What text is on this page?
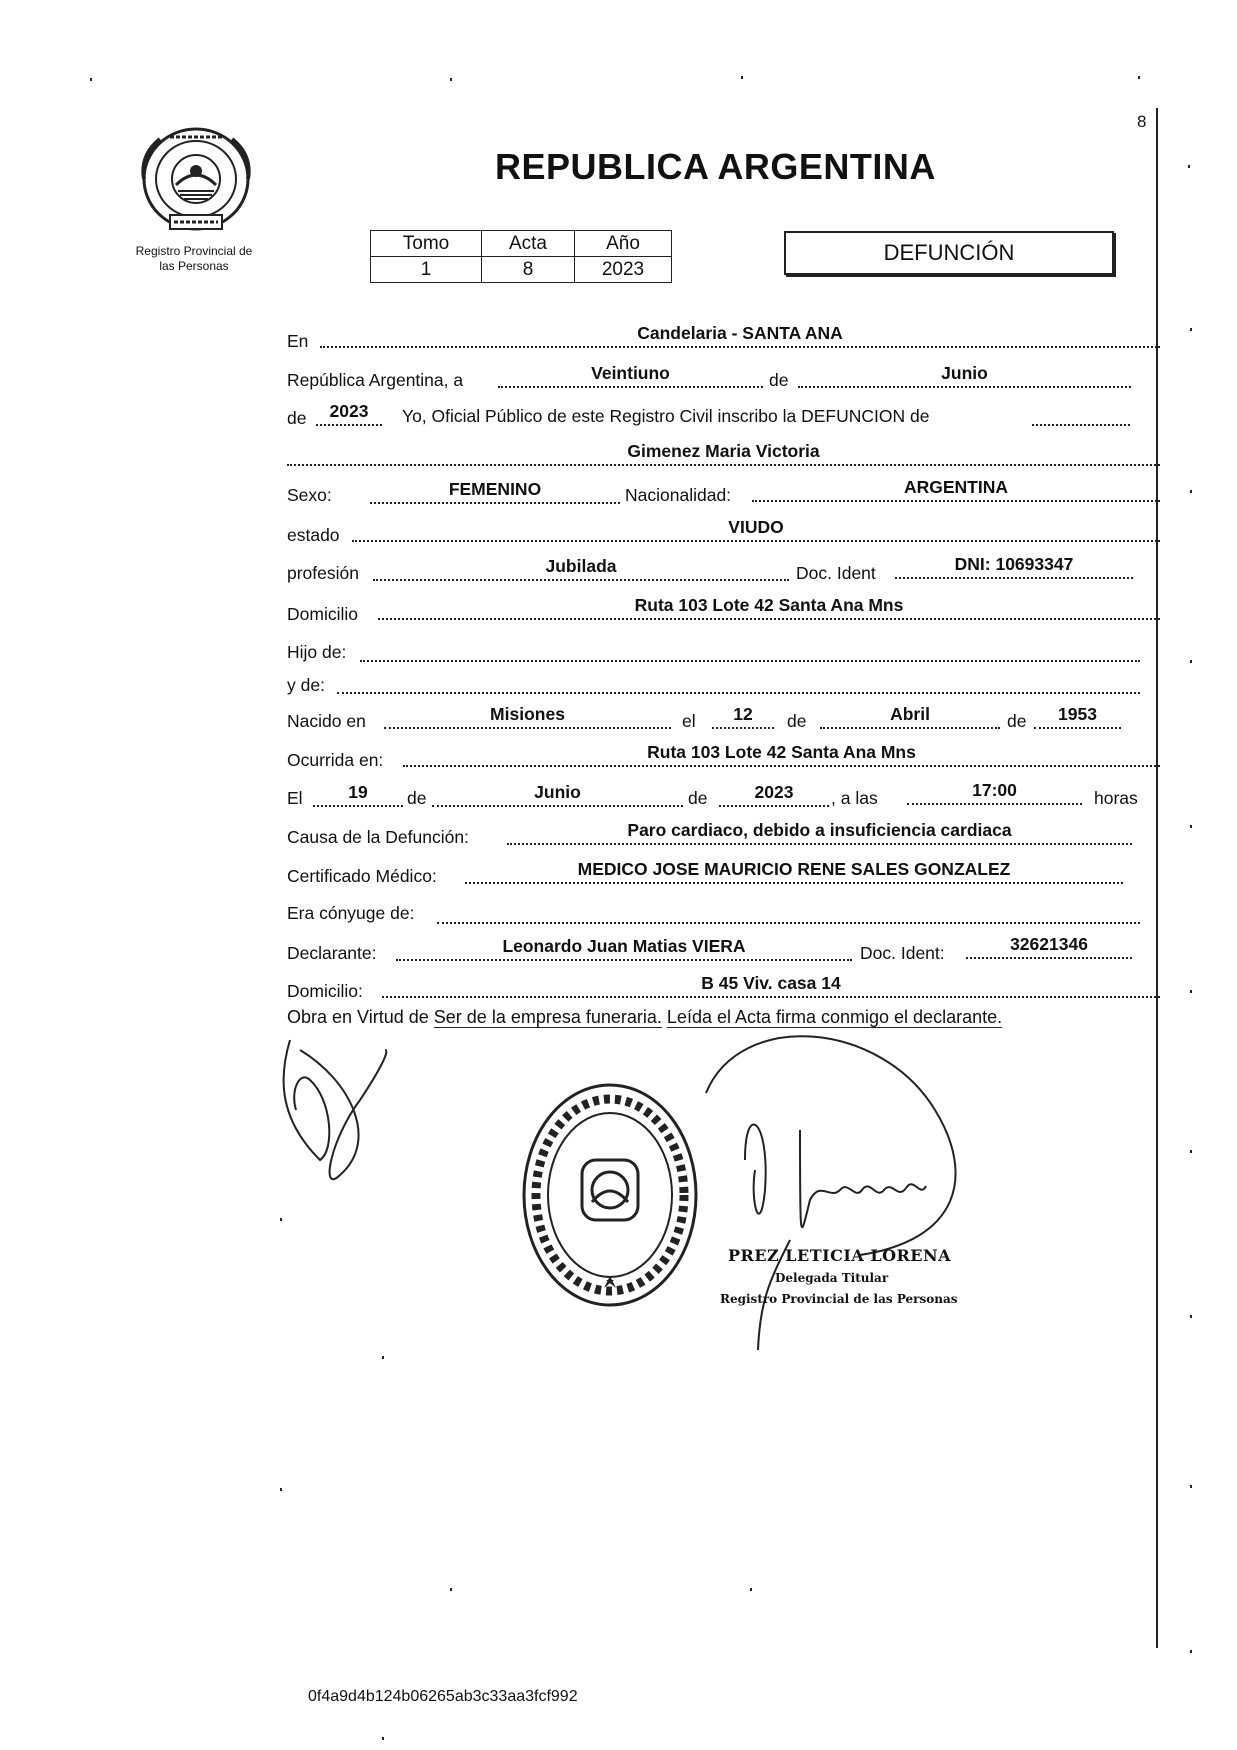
8
Registro Provincial de
las Personas
REPUBLICA ARGENTINA
Tomo	Acta	Año
1	8	2023
DEFUNCIÓN
En	Candelaria - SANTA ANA
República Argentina, a	Veintiuno	de	Junio
de	2023	Yo, Oficial Público de este Registro Civil inscribo la DEFUNCION de
Gimenez Maria Victoria
Sexo:	FEMENINO	Nacionalidad:	ARGENTINA
estado	VIUDO
profesión	Jubilada	Doc. Ident	DNI: 10693347
Domicilio	Ruta 103 Lote 42 Santa Ana Mns
Hijo de:
y de:
Nacido en	Misiones	el	12	de	Abril	de	1953
Ocurrida en:	Ruta 103 Lote 42 Santa Ana Mns
El	19	de	Junio	de	2023	, a las	17:00	horas
Causa de la Defunción:	Paro cardiaco, debido a insuficiencia cardiaca
Certificado Médico:	MEDICO JOSE MAURICIO RENE SALES GONZALEZ
Era cónyuge de:
Declarante:	Leonardo Juan Matias VIERA	Doc. Ident:	32621346
Domicilio:	B 45 Viv. casa 14
Obra en Virtud de Ser de la empresa funeraria. Leída el Acta firma conmigo el declarante.
PREZ LETICIA LORENA
Delegada Titular
Registro Provincial de las Personas
0f4a9d4b124b06265ab3c33aa3fcf992
